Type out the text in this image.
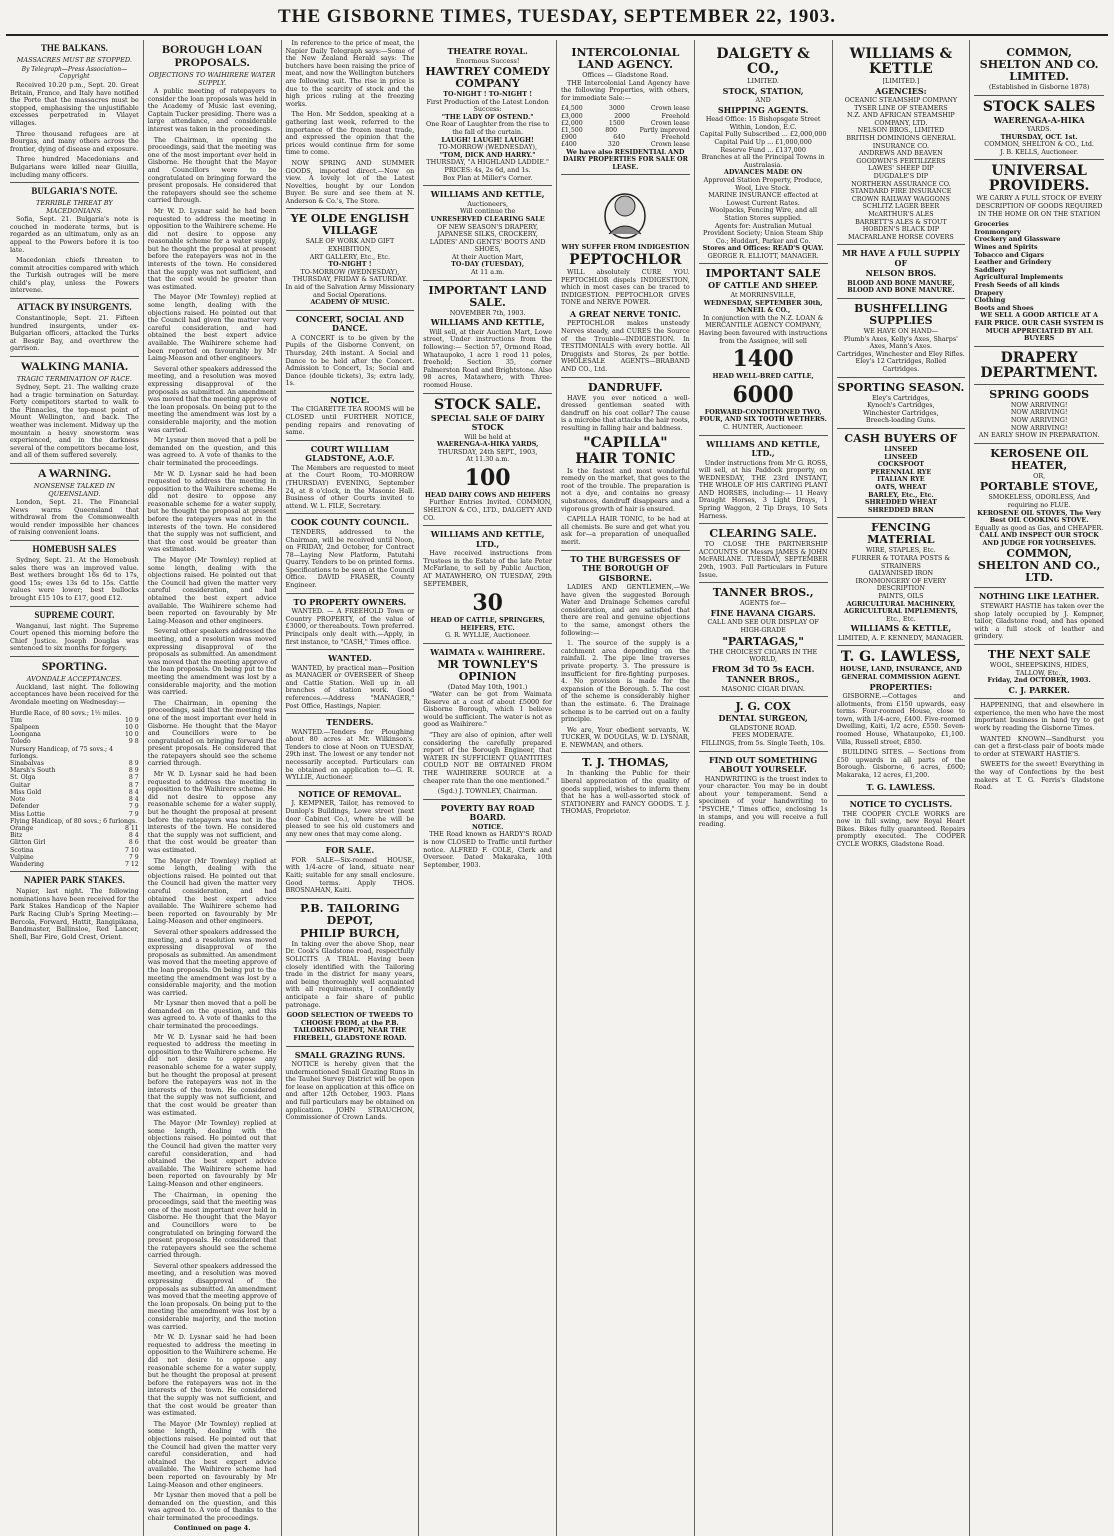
THE GISBORNE TIMES, TUESDAY, SEPTEMBER 22, 1903.
THE BALKANS.
MASSACRES MUST BE STOPPED.
By Telegraph—Press Association—Copyright

Received 10.20 p.m., Sept. 20. Great Britain, France, and Italy have notified the Porte that the massacres must be stopped, emphasising the unjustifiable excesses perpetrated in Vilayet villages.

Three thousand refugees are at Bourgas, and many others across the frontier, dying of disease and exposure.

Three hundred Macedonians and Bulgarians were killed near Giuilla, including many officers.

BULGARIA'S NOTE.
TERRIBLE THREAT BY MACEDONIANS.

Sofia, Sept. 21. Bulgaria's note is couched in moderate terms, but is regarded as an ultimatum, only as an appeal to the Powers before it is too late.

Macedonian chiefs threaten to commit atrocities compared with which the Turkish outrages will be mere child's play, unless the Powers intervene.

ATTACK BY INSURGENTS.

Constantinople, Sept. 21. Fifteen hundred insurgents, under ex-Bulgarian officers, attacked the Turks at Besgir Bay, and overthrew the garrison.

WALKING MANIA.
TRAGIC TERMINATION OF RACE.

Sydney, Sept. 21. The walking craze had a tragic termination on Saturday. Forty competitors started to walk to the Pinnacles, the top-most point of Mount Wellington, and back. The weather was inclement. Midway up the mountain a heavy snowstorm was experienced, and in the darkness several of the competitors became lost, and all of them suffered severely.

A WARNING.
NONSENSE TALKED IN QUEENSLAND.

London, Sept. 21. The Financial News warns Queensland that withdrawal from the Commonwealth would render impossible her chances of raising convenient loans.

HOMEBUSH SALES

Sydney, Sept. 21. At the Homebush sales there was an improved value. Best wethers brought 16s 6d to 17s, good 15s; ewes 13s 6d to 15s. Cattle values were lower; best bullocks brought £15 10s to £17, good £12.

SUPREME COURT.

Wanganui, last night. The Supreme Court opened this morning before the Chief Justice. Joseph Douglas was sentenced to six months for forgery.

SPORTING.
AVONDALE ACCEPTANCES.

Auckland, last night. The following acceptances have been received for the Avondale meeting on Wednesday:—

Hurdle Race, of 80 sovs.; 1½ miles.
Tim	10 9
Spalpeen	10 0
Loongana	10 0
Toledo	9 8
Nursery Handicap, of 75 sovs.; 4 furlongs.
Sinabalvas	8 9
Marsh's South	8 9
St. Olga	8 7
Guitar	8 7
Miss Gold	8 4
Note	8 4
Defender	7 9
Miss Lottie	7 9
Flying Handicap, of 80 sovs.; 6 furlongs.
Orange	8 11
Bitz	8 4
Glitton Girl	8 6
Scotina	7 10
Vulpine	7 9
Wandering	7 12
NAPIER PARK STAKES.

Napier, last night. The following nominations have been received for the Park Stakes Handicap of the Napier Park Racing Club's Spring Meeting:—Bercola, Forward, Hattit, Rangipikana, Bandmaster, Ballinsloe, Red Lancer, Shell, Bar Fire, Gold Crest, Orient.

BOROUGH LOAN PROPOSALS.
OBJECTIONS TO WAIHIRERE WATER SUPPLY.

A public meeting of ratepayers to consider the loan proposals was held in the Academy of Music last evening, Captain Tucker presiding. There was a large attendance, and considerable interest was taken in the proceedings.

The Chairman, in opening the proceedings, said that the meeting was one of the most important ever held in Gisborne. He thought that the Mayor and Councillors were to be congratulated on bringing forward the present proposals. He considered that the ratepayers should see the scheme carried through.

Mr W. D. Lysnar said he had been requested to address the meeting in opposition to the Waihirere scheme. He did not desire to oppose any reasonable scheme for a water supply, but he thought the proposal at present before the ratepayers was not in the interests of the town. He considered that the supply was not sufficient, and that the cost would be greater than was estimated.

The Mayor (Mr Townley) replied at some length, dealing with the objections raised. He pointed out that the Council had given the matter very careful consideration, and had obtained the best expert advice available. The Waihirere scheme had been reported on favourably by Mr Laing-Meason and other engineers.

Several other speakers addressed the meeting, and a resolution was moved expressing disapproval of the proposals as submitted. An amendment was moved that the meeting approve of the loan proposals. On being put to the meeting the amendment was lost by a considerable majority, and the motion was carried.

Mr Lysnar then moved that a poll be demanded on the question, and this was agreed to. A vote of thanks to the chair terminated the proceedings.

Mr W. D. Lysnar said he had been requested to address the meeting in opposition to the Waihirere scheme. He did not desire to oppose any reasonable scheme for a water supply, but he thought the proposal at present before the ratepayers was not in the interests of the town. He considered that the supply was not sufficient, and that the cost would be greater than was estimated.

The Mayor (Mr Townley) replied at some length, dealing with the objections raised. He pointed out that the Council had given the matter very careful consideration, and had obtained the best expert advice available. The Waihirere scheme had been reported on favourably by Mr Laing-Meason and other engineers.

Several other speakers addressed the meeting, and a resolution was moved expressing disapproval of the proposals as submitted. An amendment was moved that the meeting approve of the loan proposals. On being put to the meeting the amendment was lost by a considerable majority, and the motion was carried.

The Chairman, in opening the proceedings, said that the meeting was one of the most important ever held in Gisborne. He thought that the Mayor and Councillors were to be congratulated on bringing forward the present proposals. He considered that the ratepayers should see the scheme carried through.

Mr W. D. Lysnar said he had been requested to address the meeting in opposition to the Waihirere scheme. He did not desire to oppose any reasonable scheme for a water supply, but he thought the proposal at present before the ratepayers was not in the interests of the town. He considered that the supply was not sufficient, and that the cost would be greater than was estimated.

The Mayor (Mr Townley) replied at some length, dealing with the objections raised. He pointed out that the Council had given the matter very careful consideration, and had obtained the best expert advice available. The Waihirere scheme had been reported on favourably by Mr Laing-Meason and other engineers.

Several other speakers addressed the meeting, and a resolution was moved expressing disapproval of the proposals as submitted. An amendment was moved that the meeting approve of the loan proposals. On being put to the meeting the amendment was lost by a considerable majority, and the motion was carried.

Mr Lysnar then moved that a poll be demanded on the question, and this was agreed to. A vote of thanks to the chair terminated the proceedings.

Mr W. D. Lysnar said he had been requested to address the meeting in opposition to the Waihirere scheme. He did not desire to oppose any reasonable scheme for a water supply, but he thought the proposal at present before the ratepayers was not in the interests of the town. He considered that the supply was not sufficient, and that the cost would be greater than was estimated.

The Mayor (Mr Townley) replied at some length, dealing with the objections raised. He pointed out that the Council had given the matter very careful consideration, and had obtained the best expert advice available. The Waihirere scheme had been reported on favourably by Mr Laing-Meason and other engineers.

The Chairman, in opening the proceedings, said that the meeting was one of the most important ever held in Gisborne. He thought that the Mayor and Councillors were to be congratulated on bringing forward the present proposals. He considered that the ratepayers should see the scheme carried through.

Several other speakers addressed the meeting, and a resolution was moved expressing disapproval of the proposals as submitted. An amendment was moved that the meeting approve of the loan proposals. On being put to the meeting the amendment was lost by a considerable majority, and the motion was carried.

Mr W. D. Lysnar said he had been requested to address the meeting in opposition to the Waihirere scheme. He did not desire to oppose any reasonable scheme for a water supply, but he thought the proposal at present before the ratepayers was not in the interests of the town. He considered that the supply was not sufficient, and that the cost would be greater than was estimated.

The Mayor (Mr Townley) replied at some length, dealing with the objections raised. He pointed out that the Council had given the matter very careful consideration, and had obtained the best expert advice available. The Waihirere scheme had been reported on favourably by Mr Laing-Meason and other engineers.

Mr Lysnar then moved that a poll be demanded on the question, and this was agreed to. A vote of thanks to the chair terminated the proceedings.

Continued on page 4.

In reference to the price of meat, the Napier Daily Telegraph says:—Some of the New Zealand Herald says: The butchers have been raising the price of meat, and now the Wellington butchers are following suit. The rise in price is due to the scarcity of stock and the high prices ruling at the freezing works.

The Hon. Mr Seddon, speaking at a gathering last week, referred to the importance of the frozen meat trade, and expressed the opinion that the prices would continue firm for some time to come.

NOW SPRING AND SUMMER GOODS, imported direct.—Now on view. A lovely lot of the Latest Novelties, bought by our London Buyer. Be sure and see them at N. Anderson & Co.'s, The Store.

YE OLDE ENGLISH VILLAGE
SALE OF WORK AND GIFT EXHIBITION,
ART GALLERY, Etc., Etc.
TO-NIGHT !
TO-MORROW (WEDNESDAY), THURSDAY, FRIDAY & SATURDAY.
In aid of the Salvation Army Missionary and Social Operations.
ACADEMY OF MUSIC.
CONCERT, SOCIAL AND DANCE.

A CONCERT is to be given by the Pupils of the Gisborne Convent, on Thursday, 24th instant. A Social and Dance to be held after the Concert. Admission to Concert, 1s; Social and Dance (double tickets), 3s; extra lady, 1s.

NOTICE.

The CIGARETTE TEA ROOMS will be CLOSED until FURTHER NOTICE, pending repairs and renovating of same.

COURT WILLIAM GLADSTONE, A.O.F.

The Members are requested to meet at the Court Room, TO-MORROW (THURSDAY) EVENING, September 24, at 8 o'clock, in the Masonic Hall. Business of other Courts invited to attend. W. L. FILE, Secretary.

COOK COUNTY COUNCIL.

TENDERS, addressed to the Chairman, will be received until Noon, on FRIDAY, 2nd October, for Contract 78—Laying New Platform, Patutahi Quarry. Tenders to be on printed forms. Specifications to be seen at the Council Office. DAVID FRASER, County Engineer.

TO PROPERTY OWNERS.

WANTED. — A FREEHOLD Town or Country PROPERTY, of the value of £3000, or thereabouts. Town preferred. Principals only dealt with.—Apply, in first instance, to "CASH," Times office.

WANTED.

WANTED, by practical man—Position as MANAGER or OVERSEER of Sheep and Cattle Station. Well up in all branches of station work. Good references.—Address "MANAGER," Post Office, Hastings, Napier.

TENDERS.

WANTED.—Tenders for Ploughing about 80 acres at Mr. Wilkinson's. Tenders to close at Noon on TUESDAY, 29th inst. The lowest or any tender not necessarily accepted. Particulars can be obtained on application to—G. R. WYLLIE, Auctioneer.

NOTICE OF REMOVAL.

J. KEMPNER, Tailor, has removed to Dunlop's Buildings, Lowe street (next door Cabinet Co.), where he will be pleased to see his old customers and any new ones that may come along.

FOR SALE.

FOR SALE—Six-roomed HOUSE, with 1/4-acre of land, situate near Kaiti; suitable for any small enclosure. Good terms. Apply THOS. BROSNAHAN, Kaiti.

P.B. TAILORING DEPOT,
PHILIP BURCH,

In taking over the above Shop, near Dr. Cook's Gladstone road, respectfully SOLICITS A TRIAL. Having been closely identified with the Tailoring trade in the district for many years, and being thoroughly well acquainted with all requirements, I confidently anticipate a fair share of public patronage.

GOOD SELECTION OF TWEEDS TO CHOOSE FROM, at the P.B. TAILORING DEPOT, NEAR THE FIREBELL, GLADSTONE ROAD.

SMALL GRAZING RUNS.

NOTICE is hereby given that the undermentioned Small Grazing Runs in the Tauhei Survey District will be open for lease on application at this office on and after 12th October, 1903. Plans and full particulars may be obtained on application. JOHN STRAUCHON, Commissioner of Crown Lands.

THEATRE ROYAL.
Enormous Success!
HAWTREY COMEDY COMPANY
TO-NIGHT ! TO-NIGHT !
First Production of the Latest London Success:
"THE LADY OF OSTEND."
One Roar of Laughter from the rise to the fall of the curtain.
LAUGH! LAUGH! LAUGH!
TO-MORROW (WEDNESDAY),
"TOM, DICK AND HARRY."
THURSDAY, "A HIGHLAND LADDIE."
PRICES: 4s, 2s 6d, and 1s.
Box Plan at Miller's Corner.
WILLIAMS AND KETTLE,
Auctioneers,
Will continue the
UNRESERVED CLEARING SALE
OF NEW SEASON'S DRAPERY, JAPANESE SILKS, CROCKERY, LADIES' AND GENTS' BOOTS AND SHOES,
At their Auction Mart,
TO-DAY (TUESDAY),
At 11 a.m.
IMPORTANT LAND SALE.
NOVEMBER 7th, 1903.
WILLIAMS AND KETTLE,

Will sell, at their Auction Mart, Lowe street, Under instructions from the following:— Section 57, Ormond Road, Whataupoko, 1 acre 1 rood 11 poles, freehold; Section 35, corner Palmerston Road and Brightstone. Also 98 acres, Matawhero, with Three-roomed House.

STOCK SALE.
SPECIAL SALE OF DAIRY STOCK
Will be held at
WAERENGA-A-HIKA YARDS,
THURSDAY, 24th SEPT., 1903,
At 11.30 a.m.
100
HEAD DAIRY COWS AND HEIFERS

Further Entries Invited. COMMON, SHELTON & CO., LTD., DALGETY AND CO.

WILLIAMS AND KETTLE, LTD.,

Have received instructions from Trustees in the Estate of the late Peter McFarlane, to sell by Public Auction, AT MATAWHERO, ON TUESDAY, 29th SEPTEMBER,

30
HEAD OF CATTLE, SPRINGERS, HEIFERS, ETC.
G. R. WYLLIE, Auctioneer.
WAIMATA v. WAIHIRERE.
MR TOWNLEY'S OPINION
(Dated May 10th, 1901.)

"Water can be got from Waimata Reserve at a cost of about £5000 for Gisborne Borough, which I believe would be sufficient. The water is not as good as Waihirere."

"They are also of opinion, after well considering the carefully prepared report of the Borough Engineer, that WATER IN SUFFICIENT QUANTITIES COULD NOT BE OBTAINED FROM THE WAIHIRERE SOURCE at a cheaper rate than the one mentioned."

(Sgd.) J. TOWNLEY, Chairman.
POVERTY BAY ROAD BOARD.
NOTICE.

THE Road known as HARDY'S ROAD is now CLOSED to Traffic until further notice. ALFRED F. COLE, Clerk and Overseer. Dated Makaraka, 10th September, 1903.

INTERCOLONIAL LAND AGENCY.
Offices — Gladstone Road.

THE Intercolonial Land Agency have the following Properties, with others, for immediate Sale:—

£4,500	3000	Crown lease
£3,000	2000	Freehold
£2,000	1500	Crown lease
£1,500	800	Partly improved
£900	640	Freehold
£400	320	Crown lease

We have also RESIDENTIAL AND DAIRY PROPERTIES FOR SALE OR LEASE.

WHY SUFFER FROM INDIGESTION
PEPTOCHLOR

WILL absolutely CURE YOU. PEPTOCHLOR dispels INDIGESTION, which in most cases can be traced to INDIGESTION. PEPTOCHLOR GIVES TONE and NERVE POWER.

A GREAT NERVE TONIC.

PEPTOCHLOR makes unsteady Nerves steady, and CURES the Source of the Trouble—INDIGESTION. In TESTIMONIALS with every bottle. All Druggists and Stores, 2s per bottle. WHOLESALE AGENTS—BRABAND AND CO., Ltd.

DANDRUFF.

HAVE you ever noticed a well-dressed gentleman seated with dandruff on his coat collar? The cause is a microbe that attacks the hair roots, resulting in falling hair and baldness.

"CAPILLA"
HAIR TONIC

Is the fastest and most wonderful remedy on the market, that goes to the root of the trouble. The preparation is not a dye, and contains no greasy substances, dandruff disappears and a vigorous growth of hair is ensured.

CAPILLA HAIR TONIC, to be had at all chemists. Be sure and get what you ask for—a preparation of unequalled merit.

TO THE BURGESSES OF THE BOROUGH OF GISBORNE.

LADIES AND GENTLEMEN,—We have given the suggested Borough Water and Drainage Schemes careful consideration, and are satisfied that there are real and genuine objections to the same, amongst others the following:—

1. The source of the supply is a catchment area depending on the rainfall. 2. The pipe line traverses private property. 3. The pressure is insufficient for fire-fighting purposes. 4. No provision is made for the expansion of the Borough. 5. The cost of the scheme is considerably higher than the estimate. 6. The Drainage scheme is to be carried out on a faulty principle.

We are, Your obedient servants, W. TUCKER, W. DOUGLAS, W. D. LYSNAR, E. NEWMAN, and others.

T. J. THOMAS,

In thanking the Public for their liberal appreciation of the quality of goods supplied, wishes to inform them that he has a well-assorted stock of STATIONERY and FANCY GOODS. T. J. THOMAS, Proprietor.

DALGETY & CO.,
LIMITED.
STOCK, STATION,
AND
SHIPPING AGENTS.
Head Office: 15 Bishopsgate Street Within, London, E.C.
Capital Fully Subscribed ... £2,000,000
Capital Paid Up ... £1,000,000
Reserve Fund ... £137,000
Branches at all the Principal Towns in Australasia.
ADVANCES MADE ON
Approved Station Property, Produce, Wool, Live Stock.
MARINE INSURANCE effected at Lowest Current Rates.
Woolpacks, Fencing Wire, and all Station Stores supplied.
Agents for: Australian Mutual Provident Society; Union Steam Ship Co.; Huddart, Parker and Co.
Stores and Offices: READ'S QUAY.
GEORGE R. ELLIOTT, MANAGER.
IMPORTANT SALE
OF CATTLE AND SHEEP.
At MORRINSVILLE,
WEDNESDAY, SEPTEMBER 30th,
McNEIL & CO.,
In conjunction with the N.Z. LOAN & MERCANTILE AGENCY COMPANY,
Having been favoured with instructions from the Assignee, will sell
1400
HEAD WELL-BRED CATTLE,
6000
FORWARD-CONDITIONED TWO, FOUR, AND SIX TOOTH WETHERS.
C. HUNTER, Auctioneer.
WILLIAMS AND KETTLE, LTD.,

Under instructions from Mr G. ROSS, will sell, at his Paddock property, on WEDNESDAY, THE 23rd INSTANT, THE WHOLE OF HIS CARTING PLANT AND HORSES, including:— 11 Heavy Draught Horses, 3 Light Drays, 1 Spring Waggon, 2 Tip Drays, 10 Sets Harness.

CLEARING SALE.

TO CLOSE THE PARTNERSHIP ACCOUNTS Of Messrs JAMES & JOHN McFARLANE. TUESDAY, SEPTEMBER 29th, 1903. Full Particulars in Future Issue.

TANNER BROS.,
AGENTS for—
FINE HAVANA CIGARS.
CALL AND SEE OUR DISPLAY OF
HIGH-GRADE
"PARTAGAS,"
THE CHOICEST CIGARS IN THE WORLD,
FROM 3d TO 5s EACH.
TANNER BROS.,
MASONIC CIGAR DIVAN.
J. G. COX
DENTAL SURGEON,
GLADSTONE ROAD.
FEES MODERATE.
FILLINGS, from 5s. Single Teeth, 10s.
FIND OUT SOMETHING ABOUT YOURSELF.

HANDWRITING is the truest index to your character. You may be in doubt about your temperament. Send a specimen of your handwriting to "PSYCHE," Times office, enclosing 1s in stamps, and you will receive a full reading.

WILLIAMS & KETTLE
[LIMITED.]
AGENCIES:
OCEANIC STEAMSHIP COMPANY
TYSER LINE OF STEAMERS
N.Z. AND AFRICAN STEAMSHIP COMPANY, LTD.
NELSON BROS., LIMITED
BRITISH DOMINIONS GENERAL INSURANCE CO.
ANDREWS AND BEAVEN
GOODWIN'S FERTILIZERS
LAWES' SHEEP DIP
DUGDALE'S DIP
NORTHERN ASSURANCE CO.
STANDARD FIRE INSURANCE
CROWN RAILWAY WAGGONS
SCHLITZ LAGER BEER
McARTHUR'S ALES
BARRETT'S ALES & STOUT
HOBDEN'S BLACK DIP
MACFARLANE HORSE COVERS
MR HAVE A FULL SUPPLY OF
NELSON BROS.
BLOOD AND BONE MANURE,
BLOOD AND BONE MANURE.
BUSHFELLING SUPPLIES
WE HAVE ON HAND—
Plumb's Axes, Kelly's Axes, Sharps' Axes, Mann's Axes.
Cartridges, Winchester and Eley Rifles.
Eley's 12 Cartridges, Rolled Cartridges.
SPORTING SEASON.
Eley's Cartridges,
Kynoch's Cartridges,
Winchester Cartridges,
Breech-loading Guns.
CASH BUYERS OF
LINSEED
LINSEED
COCKSFOOT
PERENNIAL RYE
ITALIAN RYE
OATS, WHEAT
BARLEY, Etc., Etc.
SHREDDED WHEAT
SHREDDED BRAN
FENCING MATERIAL
WIRE, STAPLES, Etc.
FURRER & TOTARA POSTS & STRAINERS
GALVANISED IRON
IRONMONGERY OF EVERY DESCRIPTION
PAINTS, OILS
AGRICULTURAL MACHINERY,
AGRICULTURAL IMPLEMENTS,
Etc., Etc.
WILLIAMS & KETTLE,
LIMITED, A. F. KENNEDY, MANAGER.
T. G. LAWLESS,
HOUSE, LAND, INSURANCE, AND GENERAL COMMISSION AGENT.
PROPERTIES:

GISBORNE.—Cottages and allotments, from £150 upwards, easy terms. Four-roomed House, close to town, with 1/4-acre, £400. Five-roomed Dwelling, Kaiti, 1/2 acre, £550. Seven-roomed House, Whataupoko, £1,100. Villa, Russell street, £850.

BUILDING SITES. — Sections from £50 upwards in all parts of the Borough. Gisborne, 6 acres, £600; Makaraka, 12 acres, £1,200.

T. G. LAWLESS.
NOTICE TO CYCLISTS.

THE COOPER CYCLE WORKS are now in full swing, new Royal Heart Bikes. Bikes fully guaranteed. Repairs promptly executed. The COOPER CYCLE WORKS, Gladstone Road.

COMMON, SHELTON AND CO. LIMITED.
(Established in Gisborne 1878)
STOCK SALES
WAERENGA-A-HIKA
YARDS.
THURSDAY, OCT. 1st.
COMMON, SHELTON & CO., Ltd.
J. B. KELLS, Auctioneer.
UNIVERSAL PROVIDERS.

WE CARRY A FULL STOCK OF EVERY DESCRIPTION OF GOODS REQUIRED IN THE HOME OR ON THE STATION

Groceries
Ironmongery
Crockery and Glassware
Wines and Spirits
Tobacco and Cigars
Leather and Grindery
Saddlery
Agricultural Implements
Fresh Seeds of all kinds
Drapery
Clothing
Boots and Shoes

WE SELL A GOOD ARTICLE AT A FAIR PRICE. OUR CASH SYSTEM IS MUCH APPRECIATED BY ALL BUYERS

DRAPERY DEPARTMENT.
SPRING GOODS
NOW ARRIVING!
NOW ARRIVING!
NOW ARRIVING!
NOW ARRIVING!
AN EARLY SHOW IN PREPARATION.
KEROSENE OIL HEATER,
OR,
PORTABLE STOVE,
SMOKELESS, ODORLESS, And requiring no FLUE.
KEROSENE OIL STOVES, The Very Best OIL COOKING STOVE.
Equally as good as Gas, and CHEAPER.
CALL AND INSPECT OUR STOCK AND JUDGE FOR YOURSELVES.
COMMON, SHELTON AND CO., LTD.
NOTHING LIKE LEATHER.

STEWART HASTIE has taken over the shop lately occupied by J. Kempner, tailor, Gladstone road, and has opened with a full stock of leather and grindery.

THE NEXT SALE
WOOL, SHEEPSKINS, HIDES, TALLOW, Etc.,
Friday, 2nd OCTOBER, 1903.
C. J. PARKER.

HAPPENING, that and elsewhere in experience, the men who have the most important business in hand try to get work by reading the Gisborne Times.

WANTED KNOWN—Sandhurst you can get a first-class pair of boots made to order at STEWART HASTIE'S.

SWEETS for the sweet! Everything in the way of Confections by the best makers at T. G. Ferris's Gladstone Road.
